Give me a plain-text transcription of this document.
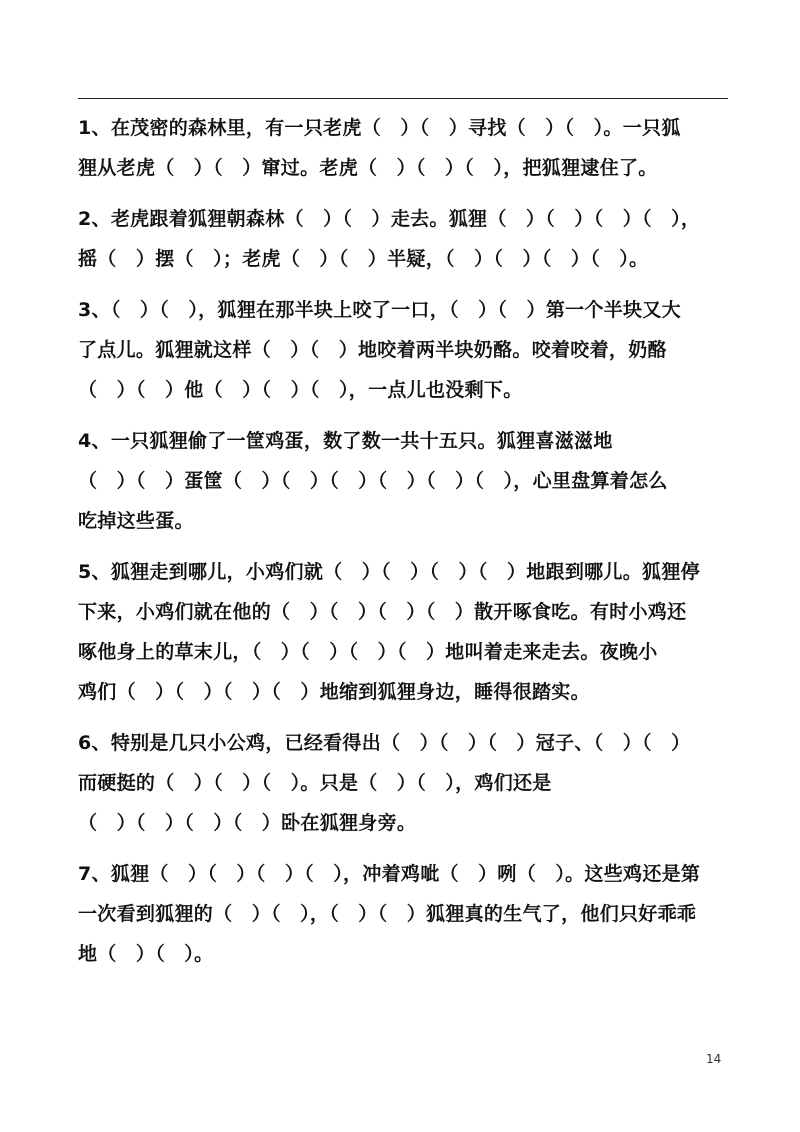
1、在茂密的森林里，有一只老虎（　）（　）寻找（　）（　）。一只狐
狸从老虎（　）（　）窜过。老虎（　）（　）（　），把狐狸逮住了。
2、老虎跟着狐狸朝森林（　）（　）走去。狐狸（　）（　）（　）（　），
摇（　）摆（　）；老虎（　）（　）半疑，（　）（　）（　）（　）。
3、（　）（　），狐狸在那半块上咬了一口，（　）（　）第一个半块又大
了点儿。狐狸就这样（　）（　）地咬着两半块奶酪。咬着咬着，奶酪
（　）（　）他（　）（　）（　），一点儿也没剩下。
4、一只狐狸偷了一筐鸡蛋，数了数一共十五只。狐狸喜滋滋地
（　）（　）蛋筐（　）（　）（　）（　）（　）（　），心里盘算着怎么
吃掉这些蛋。
5、狐狸走到哪儿，小鸡们就（　）（　）（　）（　）地跟到哪儿。狐狸停
下来，小鸡们就在他的（　）（　）（　）（　）散开啄食吃。有时小鸡还
啄他身上的草末儿，（　）（　）（　）（　）地叫着走来走去。夜晚小
鸡们（　）（　）（　）（　）地缩到狐狸身边，睡得很踏实。
6、特别是几只小公鸡，已经看得出（　）（　）（　）冠子、（　）（　）
而硬挺的（　）（　）（　）。只是（　）（　），鸡们还是
（　）（　）（　）（　）卧在狐狸身旁。
7、狐狸（　）（　）（　）（　），冲着鸡呲（　）咧（　）。这些鸡还是第
一次看到狐狸的（　）（　），（　）（　）狐狸真的生气了，他们只好乖乖
地（　）（　）。
14
